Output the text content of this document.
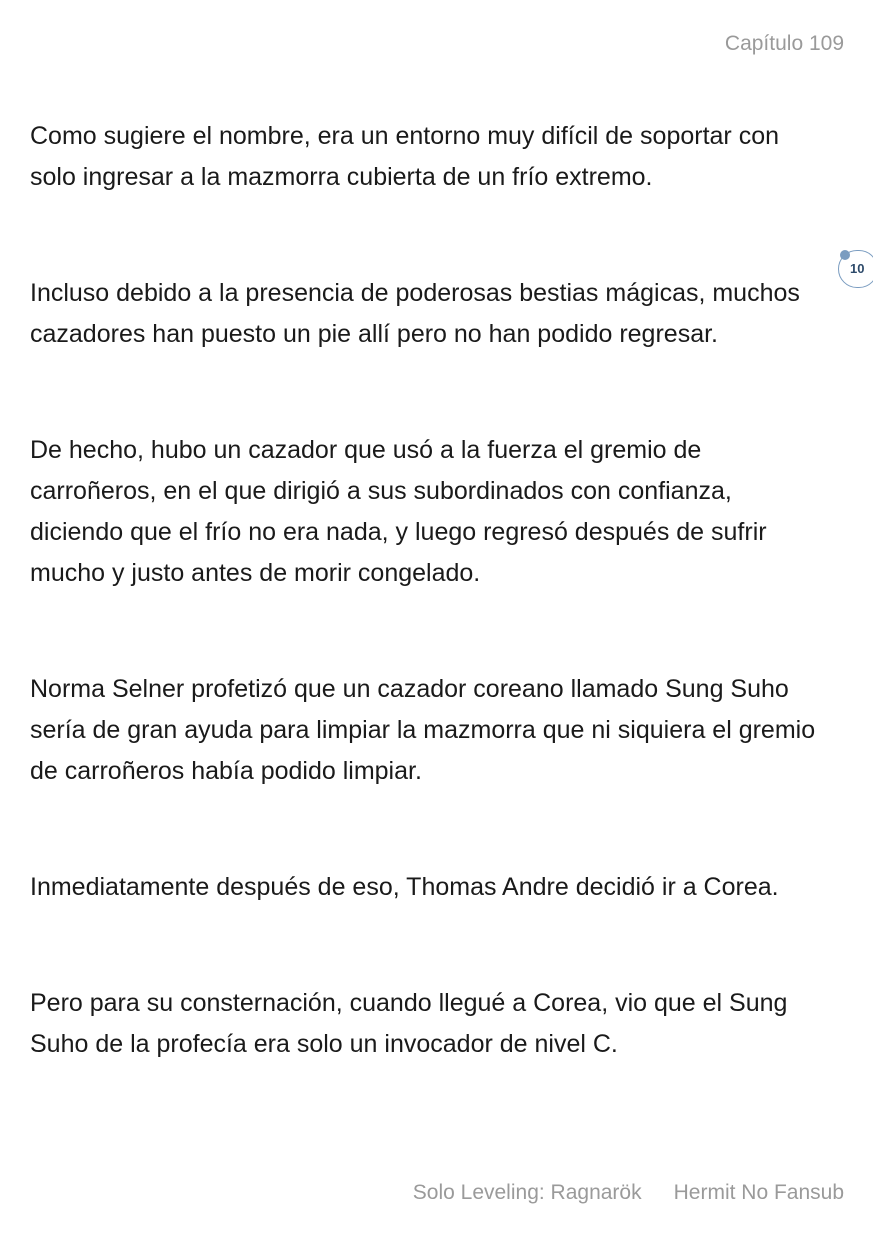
Capítulo 109
10

Como sugiere el nombre, era un entorno muy difícil de soportar con solo ingresar a la mazmorra cubierta de un frío extremo.

Incluso debido a la presencia de poderosas bestias mágicas, muchos cazadores han puesto un pie allí pero no han podido regresar.

De hecho, hubo un cazador que usó a la fuerza el gremio de carroñeros, en el que dirigió a sus subordinados con confianza, diciendo que el frío no era nada, y luego regresó después de sufrir mucho y justo antes de morir congelado.

Norma Selner profetizó que un cazador coreano llamado Sung Suho sería de gran ayuda para limpiar la mazmorra que ni siquiera el gremio de carroñeros había podido limpiar.

Inmediatamente después de eso, Thomas Andre decidió ir a Corea.

Pero para su consternación, cuando llegué a Corea, vio que el Sung Suho de la profecía era solo un invocador de nivel C.

Solo Leveling: Ragnarök Hermit No Fansub
